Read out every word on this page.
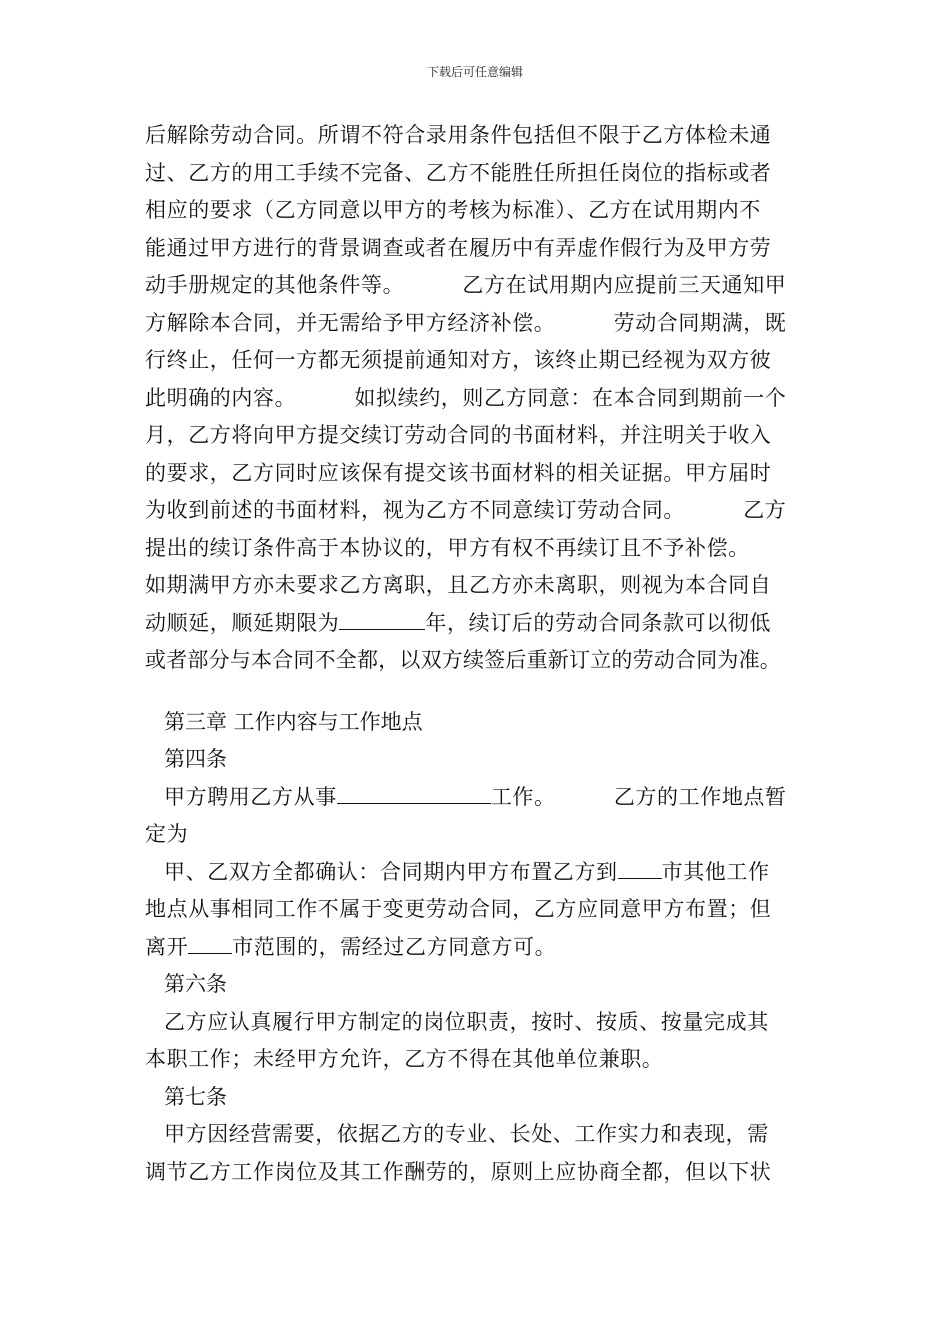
下载后可任意编辑
后解除劳动合同。所谓不符合录用条件包括但不限于乙方体检未通
过、乙方的用工手续不完备、乙方不能胜任所担任岗位的指标或者
相应的要求（乙方同意以甲方的考核为标准）、乙方在试用期内不
能通过甲方进行的背景调查或者在履历中有弄虚作假行为及甲方劳
动手册规定的其他条件等。        乙方在试用期内应提前三天通知甲
方解除本合同，并无需给予甲方经济补偿。        劳动合同期满，既
行终止，任何一方都无须提前通知对方，该终止期已经视为双方彼
此明确的内容。        如拟续约，则乙方同意：在本合同到期前一个
月，乙方将向甲方提交续订劳动合同的书面材料，并注明关于收入
的要求，乙方同时应该保有提交该书面材料的相关证据。甲方届时
为收到前述的书面材料，视为乙方不同意续订劳动合同。        乙方
提出的续订条件高于本协议的，甲方有权不再续订且不予补偿。
如期满甲方亦未要求乙方离职，且乙方亦未离职，则视为本合同自
动顺延，顺延期限为	年，续订后的劳动合同条款可以彻低
或者部分与本合同不全都，以双方续签后重新订立的劳动合同为准。
第三章 工作内容与工作地点
第四条
甲方聘用乙方从事	工作。        乙方的工作地点暂
定为
甲、乙双方全都确认：合同期内甲方布置乙方到 市其他工作
地点从事相同工作不属于变更劳动合同，乙方应同意甲方布置；但
离开 市范围的，需经过乙方同意方可。
第六条
乙方应认真履行甲方制定的岗位职责，按时、按质、按量完成其
本职工作；未经甲方允许，乙方不得在其他单位兼职。
第七条
甲方因经营需要，依据乙方的专业、长处、工作实力和表现，需
调节乙方工作岗位及其工作酬劳的，原则上应协商全都，但以下状
